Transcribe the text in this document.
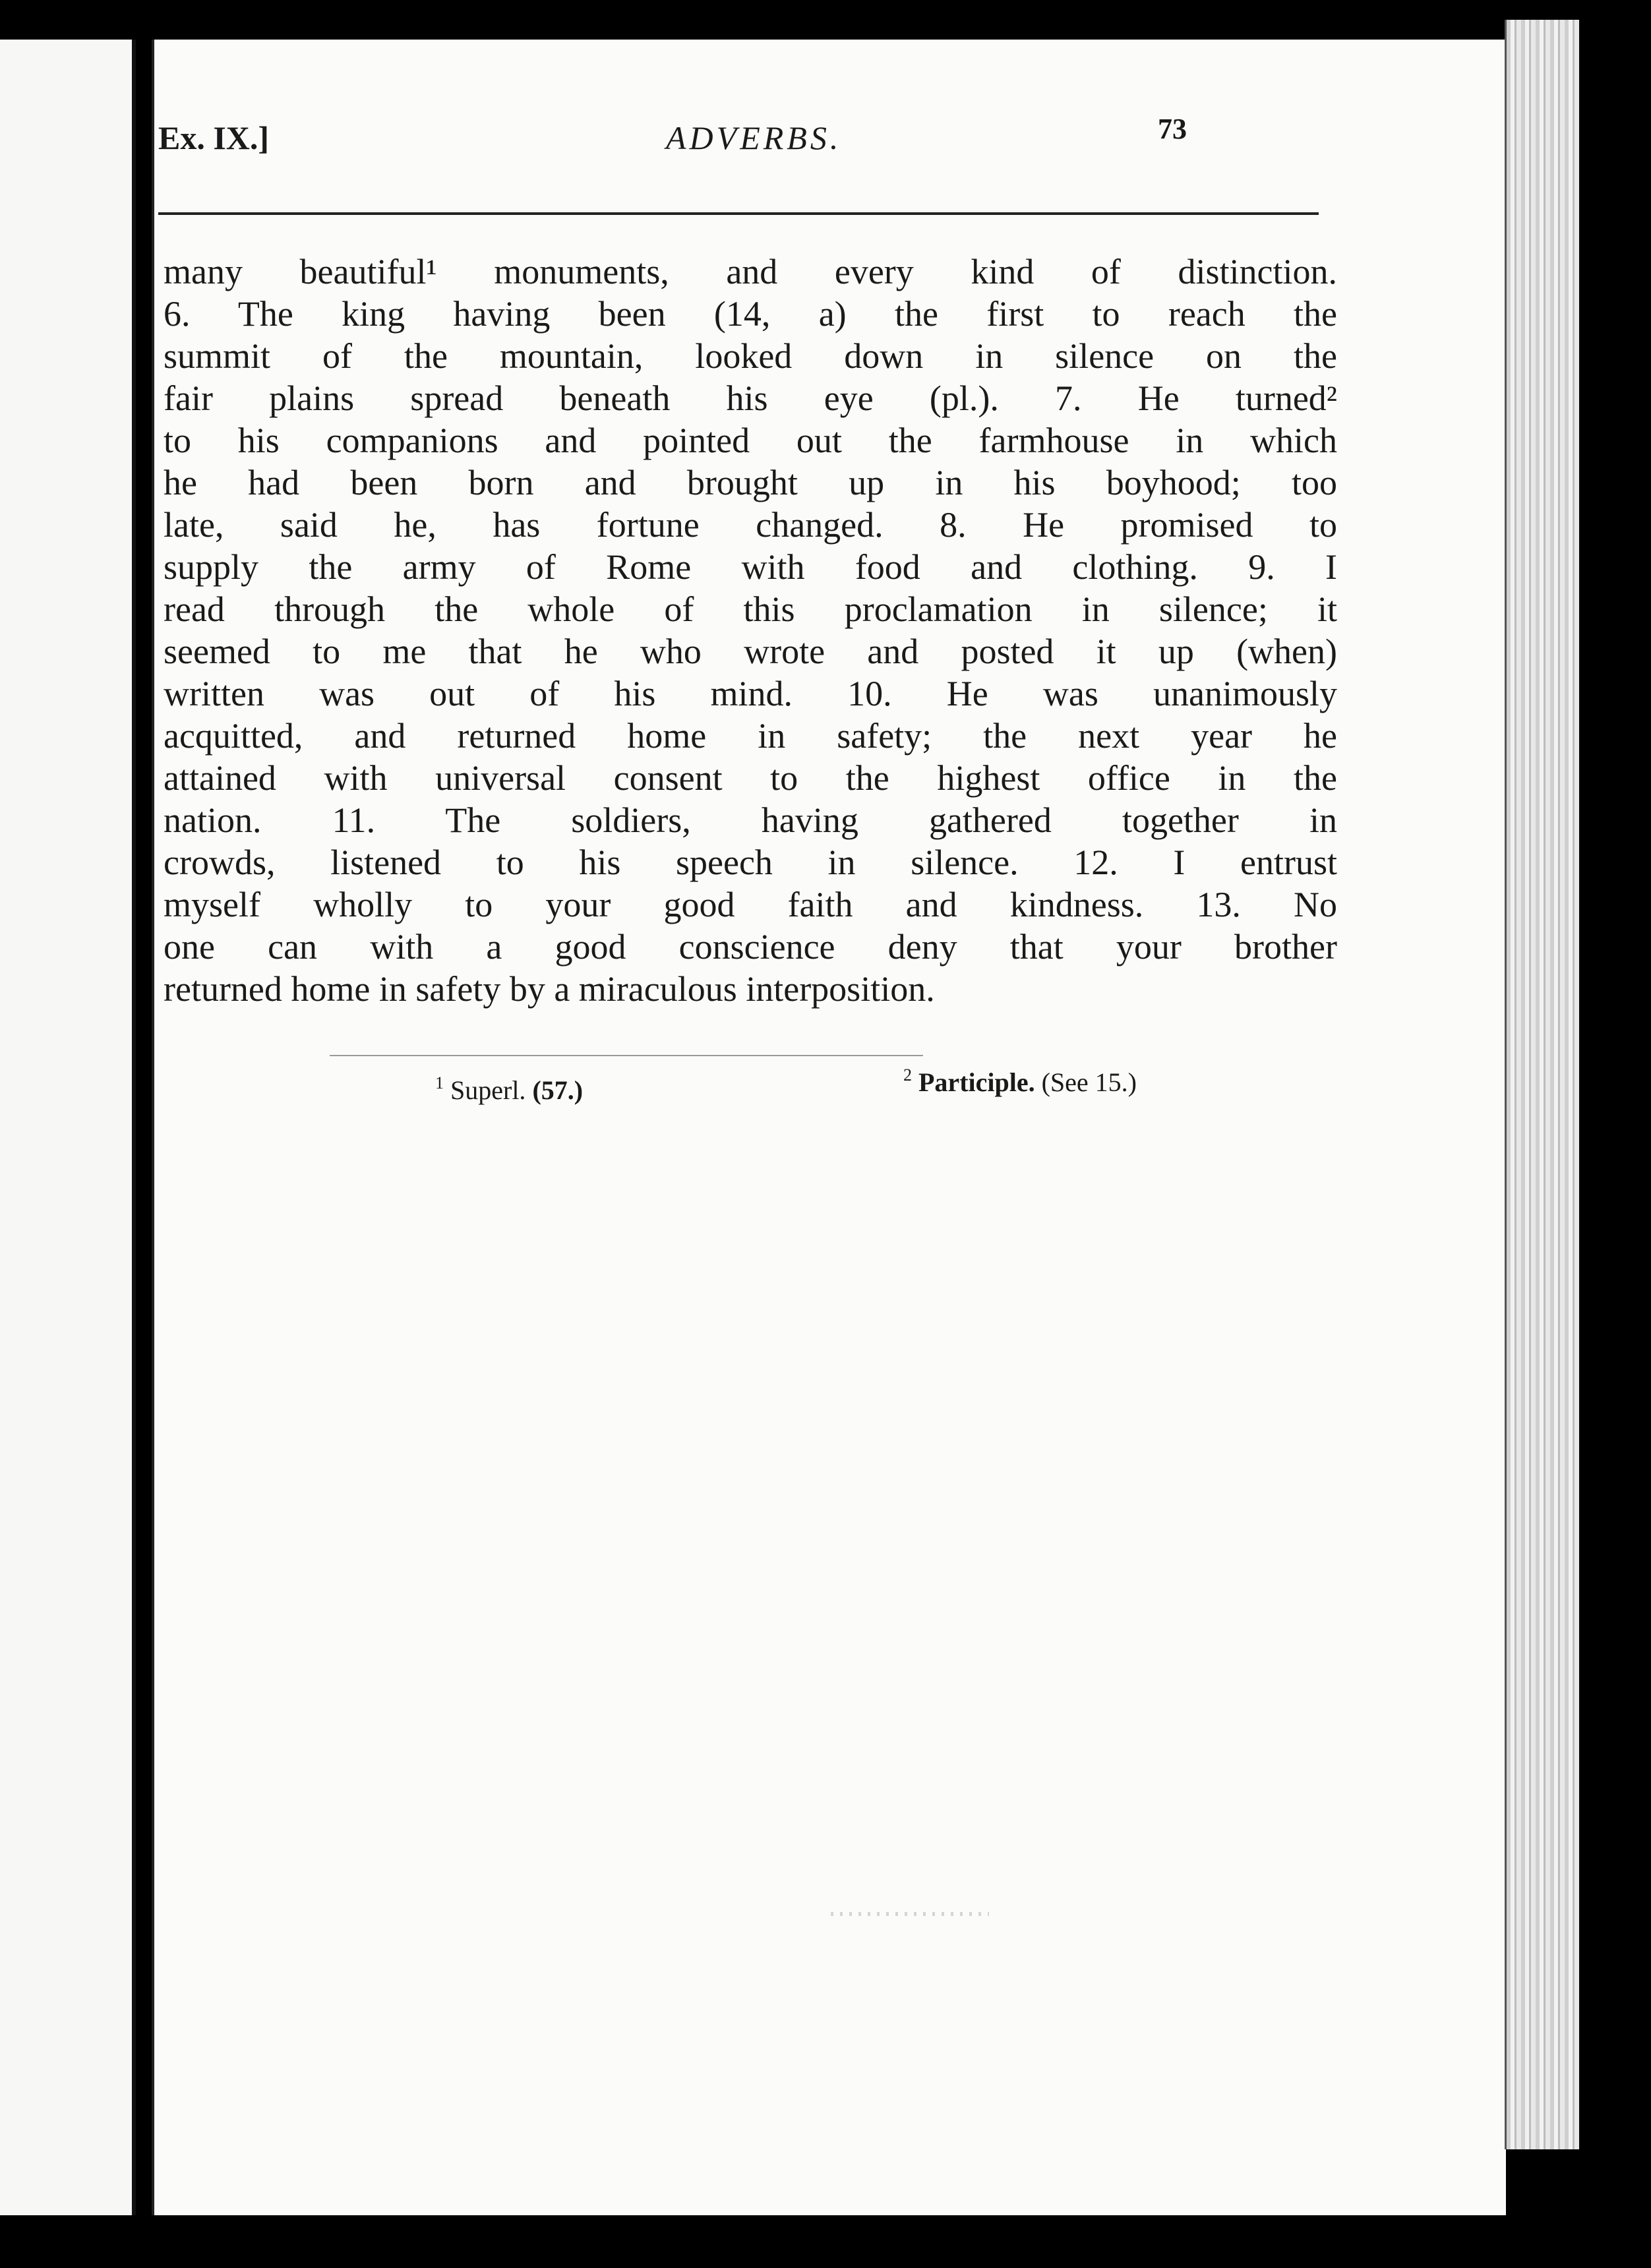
Ex. IX.]	ADVERBS.	73
many beautiful¹ monuments, and every kind of distinction.
6. The king having been (14, a) the first to reach the
summit of the mountain, looked down in silence on the
fair plains spread beneath his eye (pl.). 7. He turned²
to his companions and pointed out the farmhouse in which
he had been born and brought up in his boyhood; too
late, said he, has fortune changed. 8. He promised to
supply the army of Rome with food and clothing. 9. I
read through the whole of this proclamation in silence; it
seemed to me that he who wrote and posted it up (when)
written was out of his mind. 10. He was unanimously
acquitted, and returned home in safety; the next year he
attained with universal consent to the highest office in the
nation. 11. The soldiers, having gathered together in
crowds, listened to his speech in silence. 12. I entrust
myself wholly to your good faith and kindness. 13. No
one can with a good conscience deny that your brother
returned home in safety by a miraculous interposition.
$^1$ Superl. (57.)
$^2$ Participle. (See 15.)
